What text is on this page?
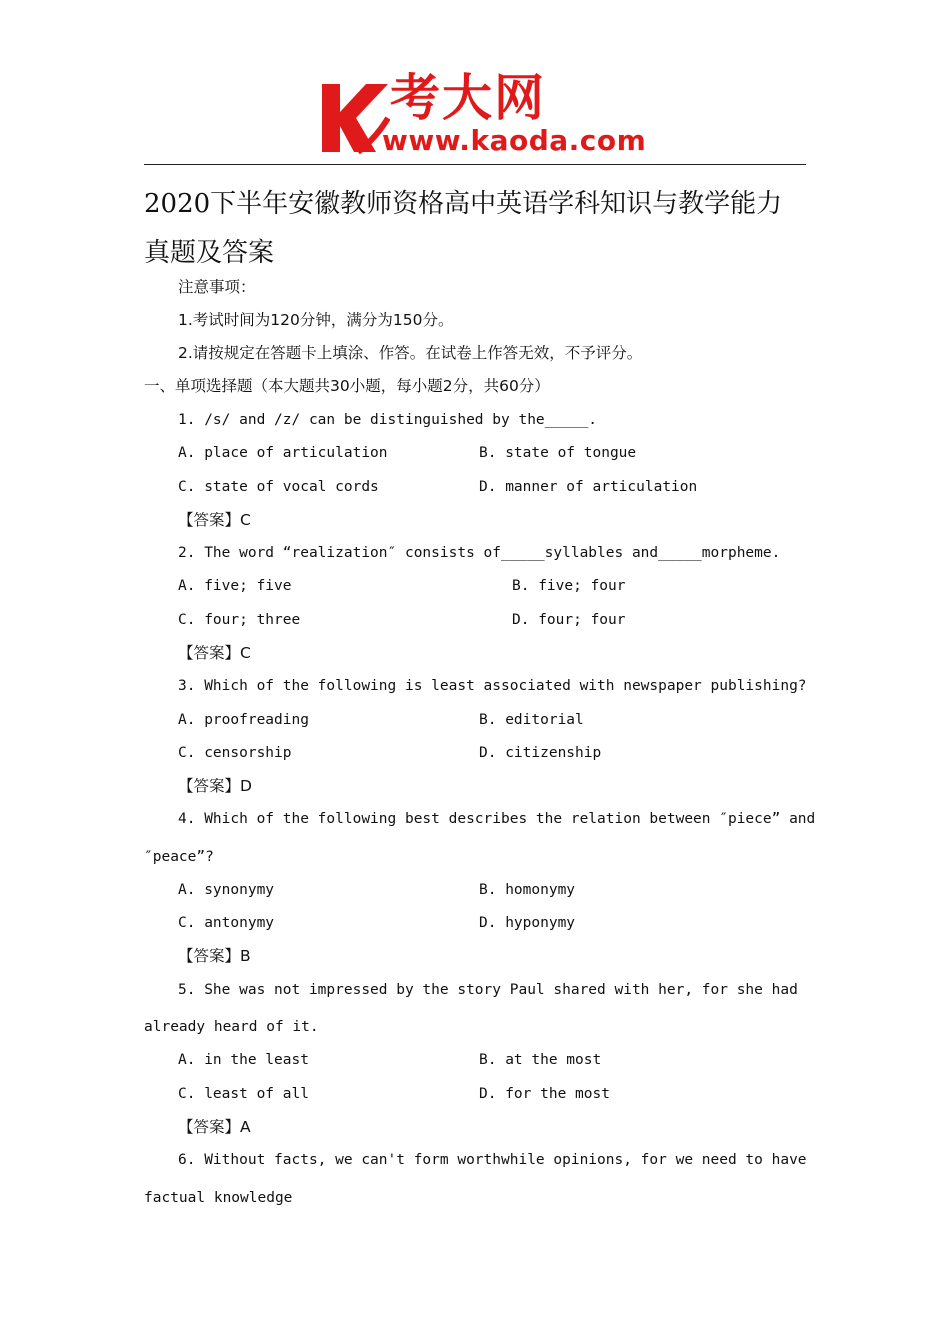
考大网
www.kaoda.com
2020下半年安徽教师资格高中英语学科知识与教学能力真题及答案
注意事项：
1.考试时间为120分钟，满分为150分。
2.请按规定在答题卡上填涂、作答。在试卷上作答无效，不予评分。
一、单项选择题（本大题共30小题，每小题2分，共60分）
1. /s/ and /z/ can be distinguished by the_____.
A. place of articulation	B. state of tongue
C. state of vocal cords	D. manner of articulation
【答案】C
2. The word “realization″ consists of_____syllables and_____morpheme.
A. five; five	B. five; four
C. four; three	D. four; four
【答案】C
3. Which of the following is least associated with newspaper publishing?
A. proofreading	B. editorial
C. censorship	D. citizenship
【答案】D
4. Which of the following best describes the relation between ″piece” and
″peace”?
A. synonymy	B. homonymy
C. antonymy	D. hyponymy
【答案】B
5. She was not impressed by the story Paul shared with her, for she had
already heard of it.
A. in the least	B. at the most
C. least of all	D. for the most
【答案】A
6. Without facts, we can't form worthwhile opinions, for we need to have
factual knowledge
